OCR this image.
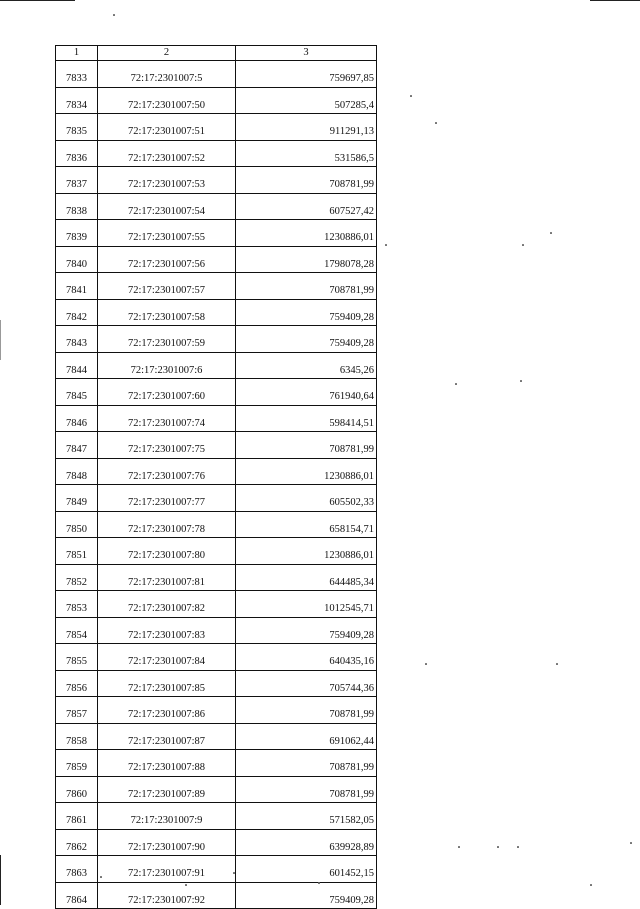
1	2	3
7833	72:17:2301007:5	759697,85
7834	72:17:2301007:50	507285,4
7835	72:17:2301007:51	911291,13
7836	72:17:2301007:52	531586,5
7837	72:17:2301007:53	708781,99
7838	72:17:2301007:54	607527,42
7839	72:17:2301007:55	1230886,01
7840	72:17:2301007:56	1798078,28
7841	72:17:2301007:57	708781,99
7842	72:17:2301007:58	759409,28
7843	72:17:2301007:59	759409,28
7844	72:17:2301007:6	6345,26
7845	72:17:2301007:60	761940,64
7846	72:17:2301007:74	598414,51
7847	72:17:2301007:75	708781,99
7848	72:17:2301007:76	1230886,01
7849	72:17:2301007:77	605502,33
7850	72:17:2301007:78	658154,71
7851	72:17:2301007:80	1230886,01
7852	72:17:2301007:81	644485,34
7853	72:17:2301007:82	1012545,71
7854	72:17:2301007:83	759409,28
7855	72:17:2301007:84	640435,16
7856	72:17:2301007:85	705744,36
7857	72:17:2301007:86	708781,99
7858	72:17:2301007:87	691062,44
7859	72:17:2301007:88	708781,99
7860	72:17:2301007:89	708781,99
7861	72:17:2301007:9	571582,05
7862	72:17:2301007:90	639928,89
7863	72:17:2301007:91	601452,15
7864	72:17:2301007:92	759409,28
